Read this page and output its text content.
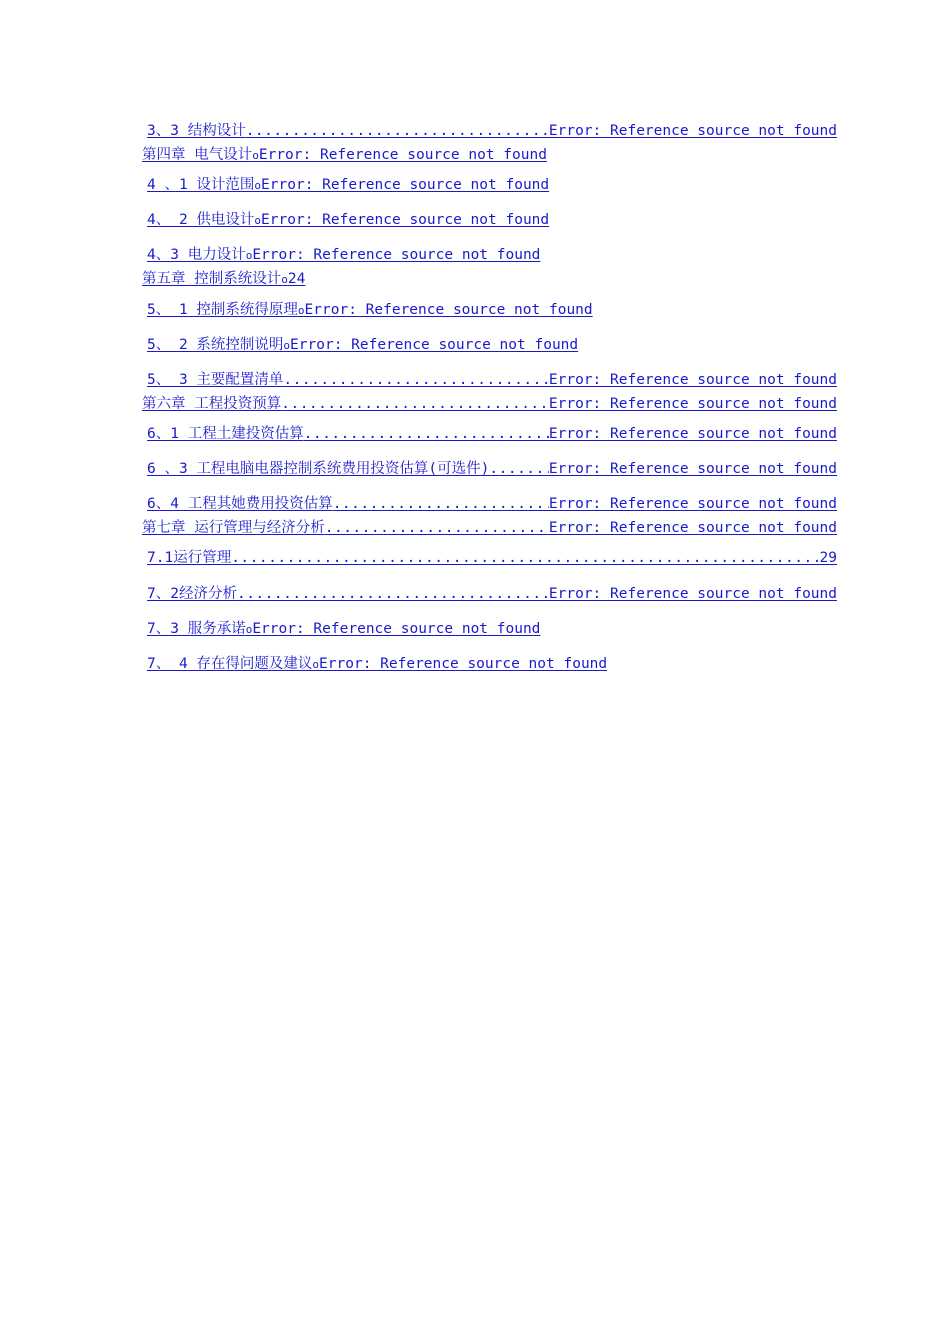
3、3 结构设计 .....	Error: Reference source not found
第四章 电气设计 o Error: Reference source not found
4 、1 设计范围 o Error: Reference source not found
4、 2 供电设计 o Error: Reference source not found
4、3 电力设计 o Error: Reference source not found
第五章 控制系统设计 o 24
5、 1 控制系统得原理 o Error: Reference source not found
5、 2 系统控制说明 o Error: Reference source not found
5、 3 主要配置清单 .....	Error: Reference source not found
第六章 工程投资预算 .....	Error: Reference source not found
6、1 工程土建投资估算 .....	Error: Reference source not found
6 、3 工程电脑电器控制系统费用投资估算(可选件) .....	Error: Reference source not found
6、4 工程其她费用投资估算 .....	Error: Reference source not found
第七章 运行管理与经济分析 .....	Error: Reference source not found
7.1运行管理 .....	29
7、2经济分析 .....	Error: Reference source not found
7、3 服务承诺 o Error: Reference source not found
7、 4 存在得问题及建议 o Error: Reference source not found
